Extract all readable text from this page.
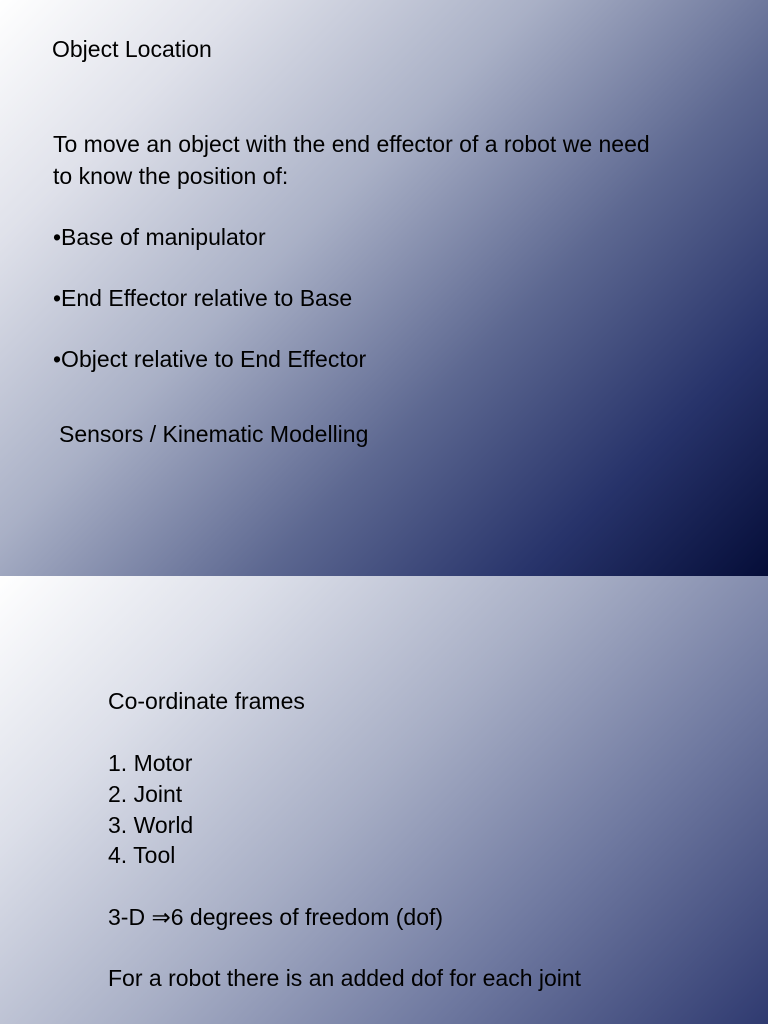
Object Location

To move an object with the end effector of a robot we need

to know the position of:

•Base of manipulator

•End Effector relative to Base

•Object relative to End Effector

Sensors / Kinematic Modelling

Co-ordinate frames

1. Motor

2. Joint

3. World

4. Tool

3-D ⇒6 degrees of freedom (dof)

For a robot there is an added dof for each joint
